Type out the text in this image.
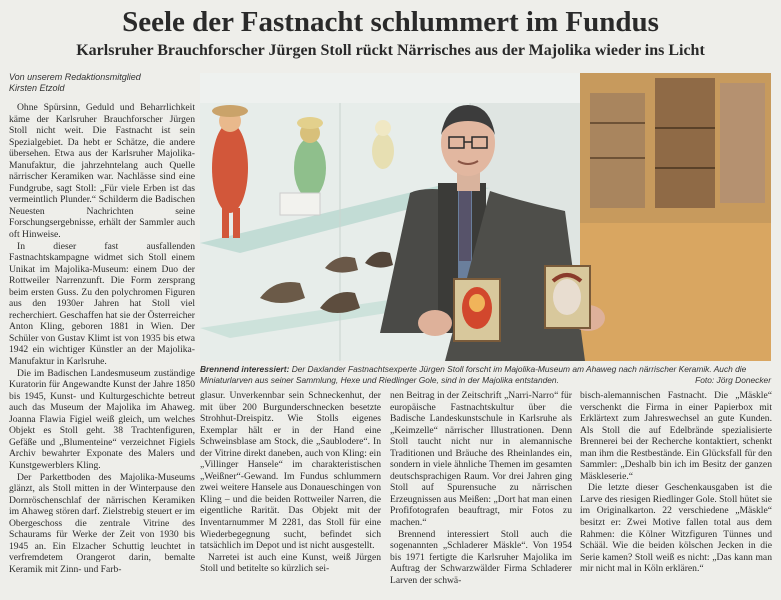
Seele der Fastnacht schlummert im Fundus
Karlsruher Brauchforscher Jürgen Stoll rückt Närrisches aus der Majolika wieder ins Licht
Von unserem Redaktionsmitglied
Kirsten Etzold

Ohne Spürsinn, Geduld und Beharrlichkeit käme der Karlsruher Brauchforscher Jürgen Stoll nicht weit. Die Fastnacht ist sein Spezialgebiet. Da hebt er Schätze, die andere übersehen. Etwa aus der Karlsruher Majolika-Manufaktur, die jahrzehntelang auch Quelle närrischer Keramiken war. Nachlässe sind eine Fundgrube, sagt Stoll: „Für viele Erben ist das vermeintlich Plunder.“ Schilderm die Badischen Neuesten Nachrichten seine Forschungsergebnisse, erhält der Sammler auch oft Hinweise.

In dieser fast ausfallenden Fastnachtskampagne widmet sich Stoll einem Unikat im Majolika-Museum: einem Duo der Rottweiler Narrenzunft. Die Form zersprang beim ersten Guss. Zu den polychromen Figuren aus den 1930er Jahren hat Stoll viel recherchiert. Geschaffen hat sie der Österreicher Anton Kling, geboren 1881 in Wien. Der Schüler von Gustav Klimt ist von 1935 bis etwa 1942 ein wichtiger Künstler an der Majolika-Manufaktur in Karlsruhe.

Die im Badischen Landesmuseum zuständige Kuratorin für Angewandte Kunst der Jahre 1850 bis 1945, Kunst- und Kulturgeschichte betreut auch das Museum der Majolika im Ahaweg. Joanna Flawia Figiel weiß gleich, um welches Objekt es Stoll geht. 38 Trachtenfiguren, Gefäße und „Blumenteine“ verzeichnet Figiels Archiv bewahrter Exponate des Malers und Kunstgewerblers Kling.

Der Parkettboden des Majolika-Museums glänzt, als Stoll mitten in der Winterpause den Dornröschenschlaf der närrischen Keramiken im Ahaweg stören darf. Zielstrebig steuert er im Obergeschoss die zentrale Vitrine des Schaurams für Werke der Zeit von 1930 bis 1945 an. Ein Elzacher Schuttig leuchtet in verfremdetem Orangerot darin, bemalte Keramik mit Zinn- und Farb-

Brennend interessiert: Der Daxlander Fastnachtsexperte Jürgen Stoll forscht im Majolika-Museum am Ahaweg nach närrischer Keramik. Auch die Miniaturlarven aus seiner Sammlung, Hexe und Riedlinger Gole, sind in der Majolika entstanden.	Foto: Jörg Donecker

glasur. Unverkennbar sein Schneckenhut, der mit über 200 Burgunderschnecken besetzte Strohhut-Dreispitz. Wie Stolls eigenes Exemplar hält er in der Hand eine Schweinsblase am Stock, die „Saublodere“. In der Vitrine direkt daneben, auch von Kling: ein „Villinger Hansele“ im charakteristischen „Weißner“-Gewand. Im Fundus schlummern zwei weitere Hansele aus Donaueschingen von Kling – und die beiden Rottweiler Narren, die eigentliche Rarität. Das Objekt mit der Inventarnummer M 2281, das Stoll für eine Wiederbegegnung sucht, befindet sich tatsächlich im Depot und ist nicht ausgestellt.

Narretei ist auch eine Kunst, weiß Jürgen Stoll und betitelte so kürzlich sei-

nen Beitrag in der Zeitschrift „Narri-Narro“ für europäische Fastnachtskultur über die Badische Landeskunstschule in Karlsruhe als „Keimzelle“ närrischer Illustrationen. Denn Stoll taucht nicht nur in alemannische Traditionen und Bräuche des Rheinlandes ein, sondern in viele ähnliche Themen im gesamten deutschsprachigen Raum. Vor drei Jahren ging Stoll auf Spurensuche zu närrischen Erzeugnissen aus Meißen: „Dort hat man einen Profifotografen beauftragt, mir Fotos zu machen.“

Brennend interessiert Stoll auch die sogenannten „Schladerer Mäskle“. Von 1954 bis 1971 fertigte die Karlsruher Majolika im Auftrag der Schwarzwälder Firma Schladerer Larven der schwä-

bisch-alemannischen Fastnacht. Die „Mäskle“ verschenkt die Firma in einer Papierbox mit Erklärtext zum Jahreswechsel an gute Kunden. Als Stoll die auf Edelbrände spezialisierte Brennerei bei der Recherche kontaktiert, schenkt man ihm die Restbestände. Ein Glücksfall für den Sammler: „Deshalb bin ich im Besitz der ganzen Mäskleserie.“

Die letzte dieser Geschenkausgaben ist die Larve des riesigen Riedlinger Gole. Stoll hütet sie im Originalkarton. 22 verschiedene „Mäskle“ besitzt er: Zwei Motive fallen total aus dem Rahmen: die Kölner Witzfiguren Tünnes und Schääl. Wie die beiden kölschen Jecken in die Serie kamen? Stoll weiß es nicht: „Das kann man mir nicht mal in Köln erklären.“
